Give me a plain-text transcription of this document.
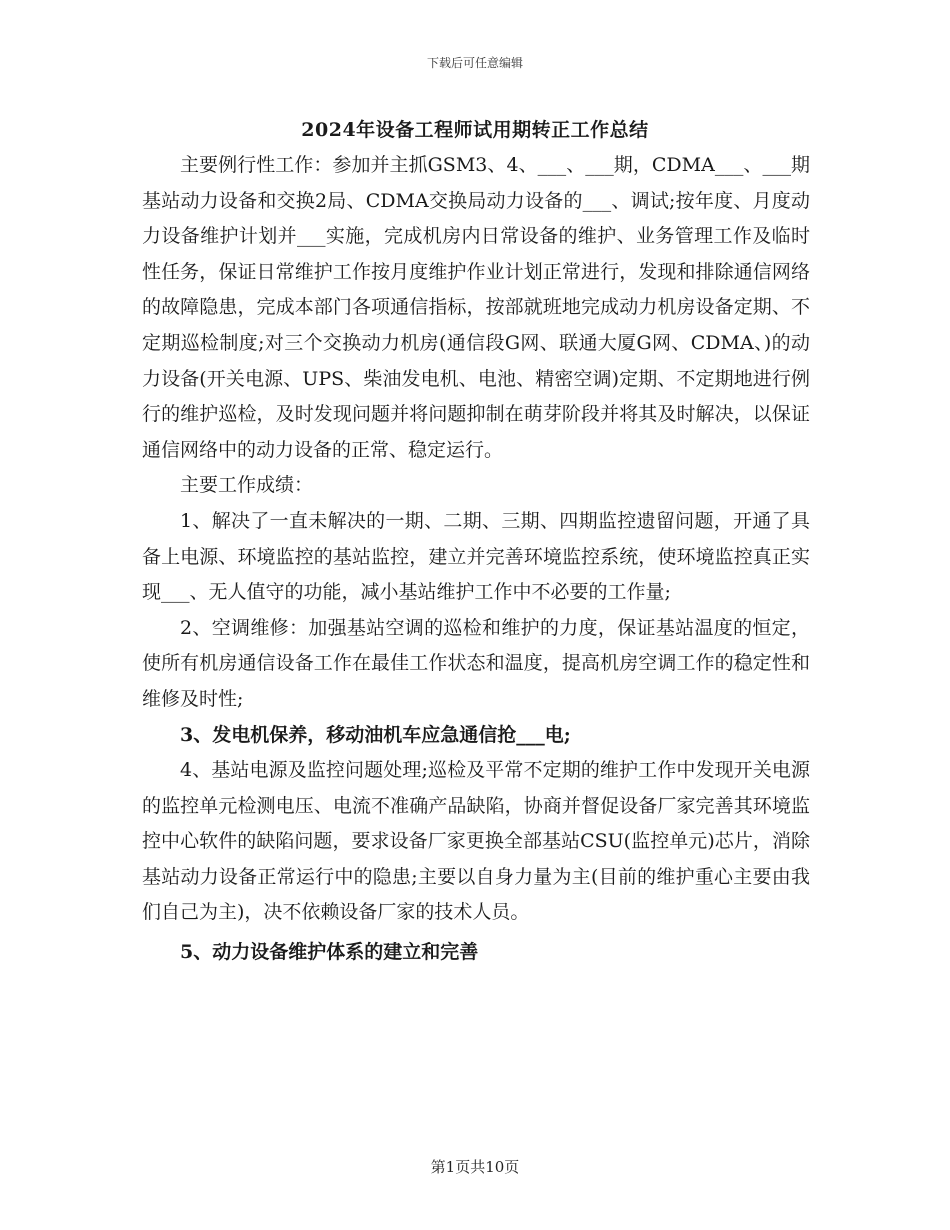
下载后可任意编辑
2024年设备工程师试用期转正工作总结

主要例行性工作：参加并主抓GSM3、4、___、___期，CDMA___、___期基站动力设备和交换2局、CDMA交换局动力设备的___、调试;按年度、月度动力设备维护计划并___实施，完成机房内日常设备的维护、业务管理工作及临时性任务，保证日常维护工作按月度维护作业计划正常进行，发现和排除通信网络的故障隐患，完成本部门各项通信指标，按部就班地完成动力机房设备定期、不定期巡检制度;对三个交换动力机房(通信段G网、联通大厦G网、CDMA、)的动力设备(开关电源、UPS、柴油发电机、电池、精密空调)定期、不定期地进行例行的维护巡检，及时发现问题并将问题抑制在萌芽阶段并将其及时解决，以保证通信网络中的动力设备的正常、稳定运行。

主要工作成绩：

1、解决了一直未解决的一期、二期、三期、四期监控遗留问题，开通了具备上电源、环境监控的基站监控，建立并完善环境监控系统，使环境监控真正实现___、无人值守的功能，减小基站维护工作中不必要的工作量;

2、空调维修：加强基站空调的巡检和维护的力度，保证基站温度的恒定，使所有机房通信设备工作在最佳工作状态和温度，提高机房空调工作的稳定性和维修及时性;

3、发电机保养，移动油机车应急通信抢___电;

4、基站电源及监控问题处理;巡检及平常不定期的维护工作中发现开关电源的监控单元检测电压、电流不准确产品缺陷，协商并督促设备厂家完善其环境监控中心软件的缺陷问题，要求设备厂家更换全部基站CSU(监控单元)芯片，消除基站动力设备正常运行中的隐患;主要以自身力量为主(目前的维护重心主要由我们自己为主)，决不依赖设备厂家的技术人员。

5、动力设备维护体系的建立和完善

第1页共10页
